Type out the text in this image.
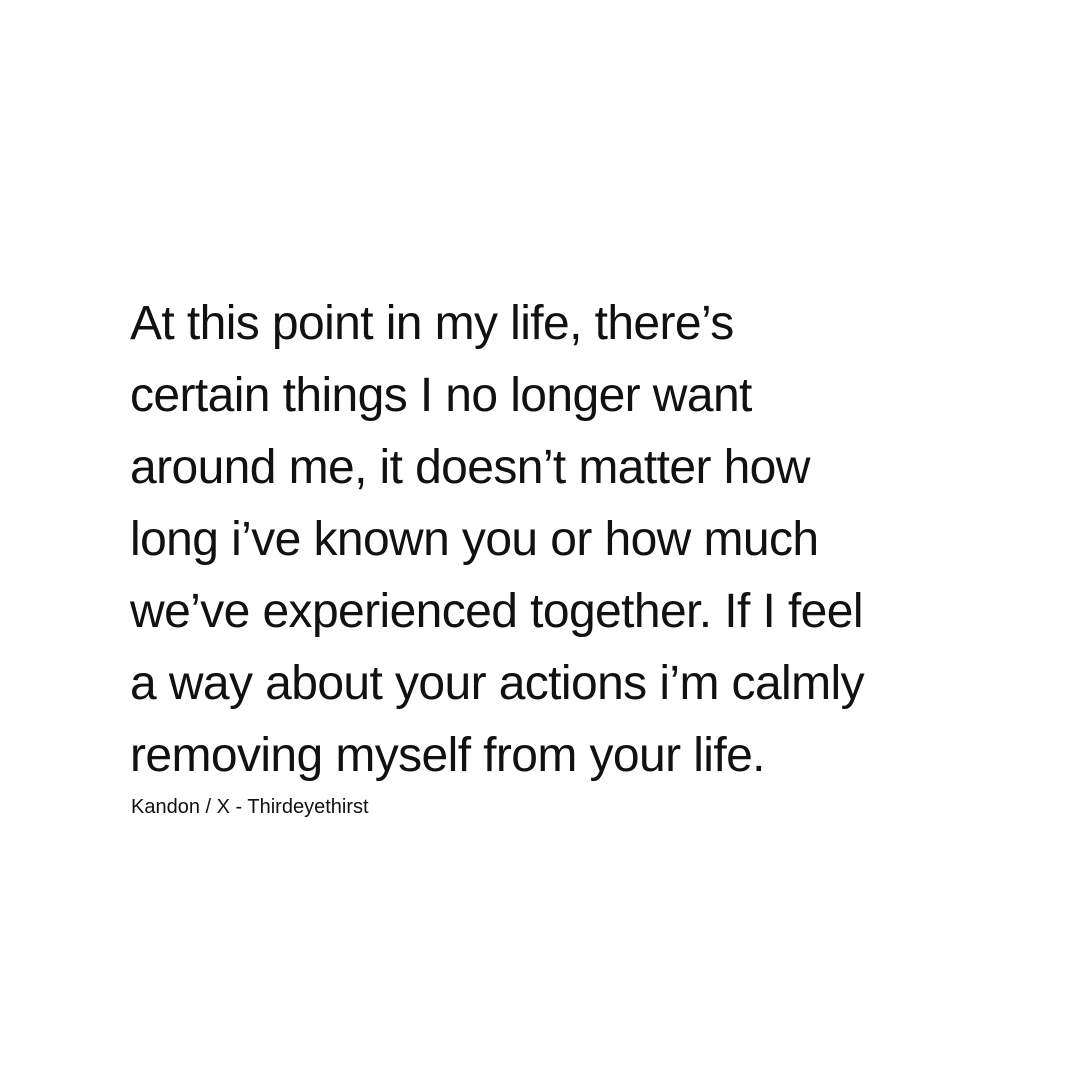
At this point in my life, there’s
certain things I no longer want
around me, it doesn’t matter how
long i’ve known you or how much
we’ve experienced together. If I feel
a way about your actions i’m calmly
removing myself from your life.

Kandon / X - Thirdeyethirst
